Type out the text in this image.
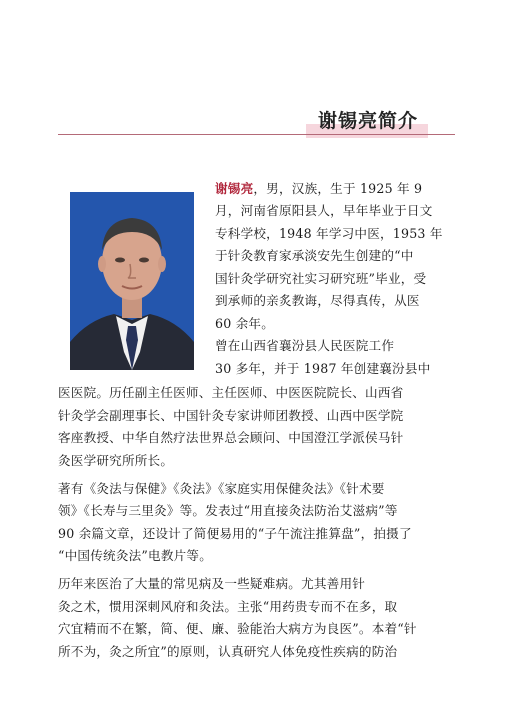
谢锡亮简介
谢锡亮，男，汉族，生于 1925 年 9
月，河南省原阳县人，早年毕业于日文
专科学校，1948 年学习中医，1953 年
于针灸教育家承淡安先生创建的“中
国针灸学研究社实习研究班”毕业，受
到承师的亲炙教诲，尽得真传，从医
60 余年。
曾在山西省襄汾县人民医院工作
30 多年，并于 1987 年创建襄汾县中
医医院。历任副主任医师、主任医师、中医医院院长、山西省
针灸学会副理事长、中国针灸专家讲师团教授、山西中医学院
客座教授、中华自然疗法世界总会顾问、中国澄江学派侯马针
灸医学研究所所长。
著有《灸法与保健》《灸法》《家庭实用保健灸法》《针术要
领》《长寿与三里灸》等。发表过“用直接灸法防治艾滋病”等
90 余篇文章，还设计了简便易用的“子午流注推算盘”，拍摄了
“中国传统灸法”电教片等。
历年来医治了大量的常见病及一些疑难病。尤其善用针
灸之术，惯用深刺风府和灸法。主张“用药贵专而不在多，取
穴宜精而不在繁，简、便、廉、验能治大病方为良医”。本着“针
所不为，灸之所宜”的原则，认真研究人体免疫性疾病的防治
